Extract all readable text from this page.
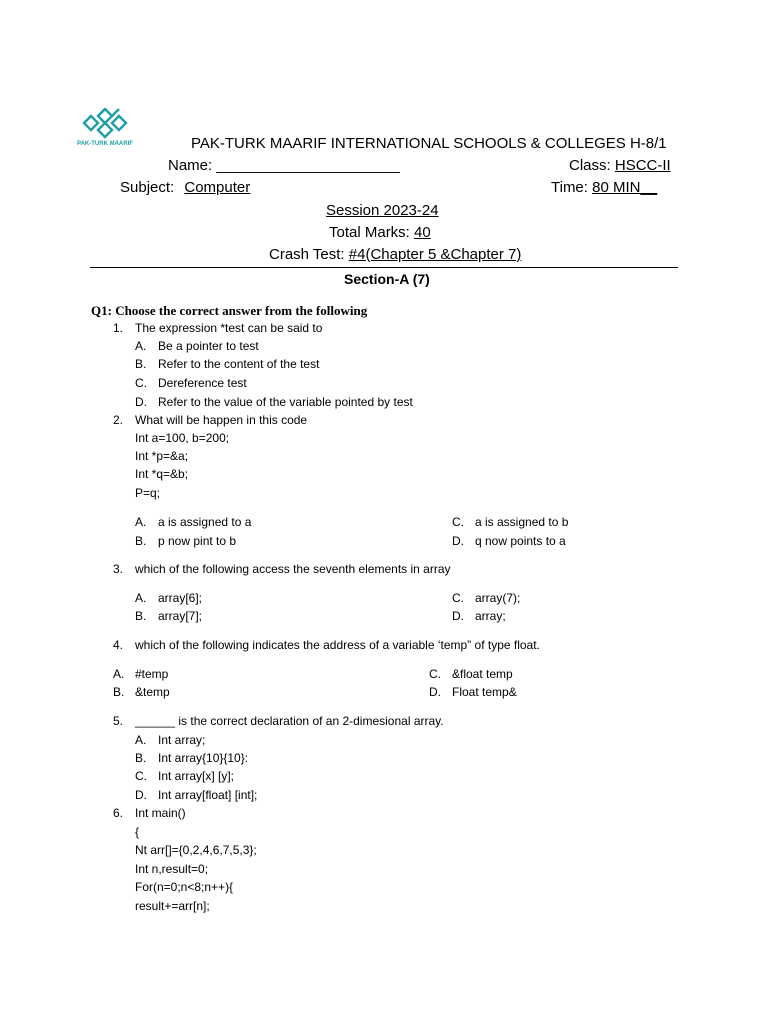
PAK-TURK MAARIF	PAK-TURK MAARIF INTERNATIONAL SCHOOLS & COLLEGES H-8/1
Name: ______________________	Class: HSCC-II
Subject: Computer	Time: 80 MIN__
Session 2023-24
Total Marks: 40
Crash Test: #4(Chapter 5 &Chapter 7)
Section-A (7)
Q1: Choose the correct answer from the following
1. The expression *test can be said to
A. Be a pointer to test
B. Refer to the content of the test
C. Dereference test
D. Refer to the value of the variable pointed by test
2. What will be happen in this code
Int a=100, b=200;
Int *p=&a;
Int *q=&b;
P=q;
A. a is assigned to a	C. a is assigned to b
B. p now pint to b	D. q now points to a
3. which of the following access the seventh elements in array
A. array[6];	C. array(7);
B. array[7];	D. array;
4. which of the following indicates the address of a variable ‘temp” of type float.
A. #temp	C. &float temp
B. &temp	D. Float temp&
5. ______ is the correct declaration of an 2-dimesional array.
A. Int array;
B. Int array{10}{10}:
C. Int array[x] [y];
D. Int array[float] [int];
6. Int main()
{
Nt arr[]={0,2,4,6,7,5,3};
Int n,result=0;
For(n=0;n<8;n++){
result+=arr[n];
